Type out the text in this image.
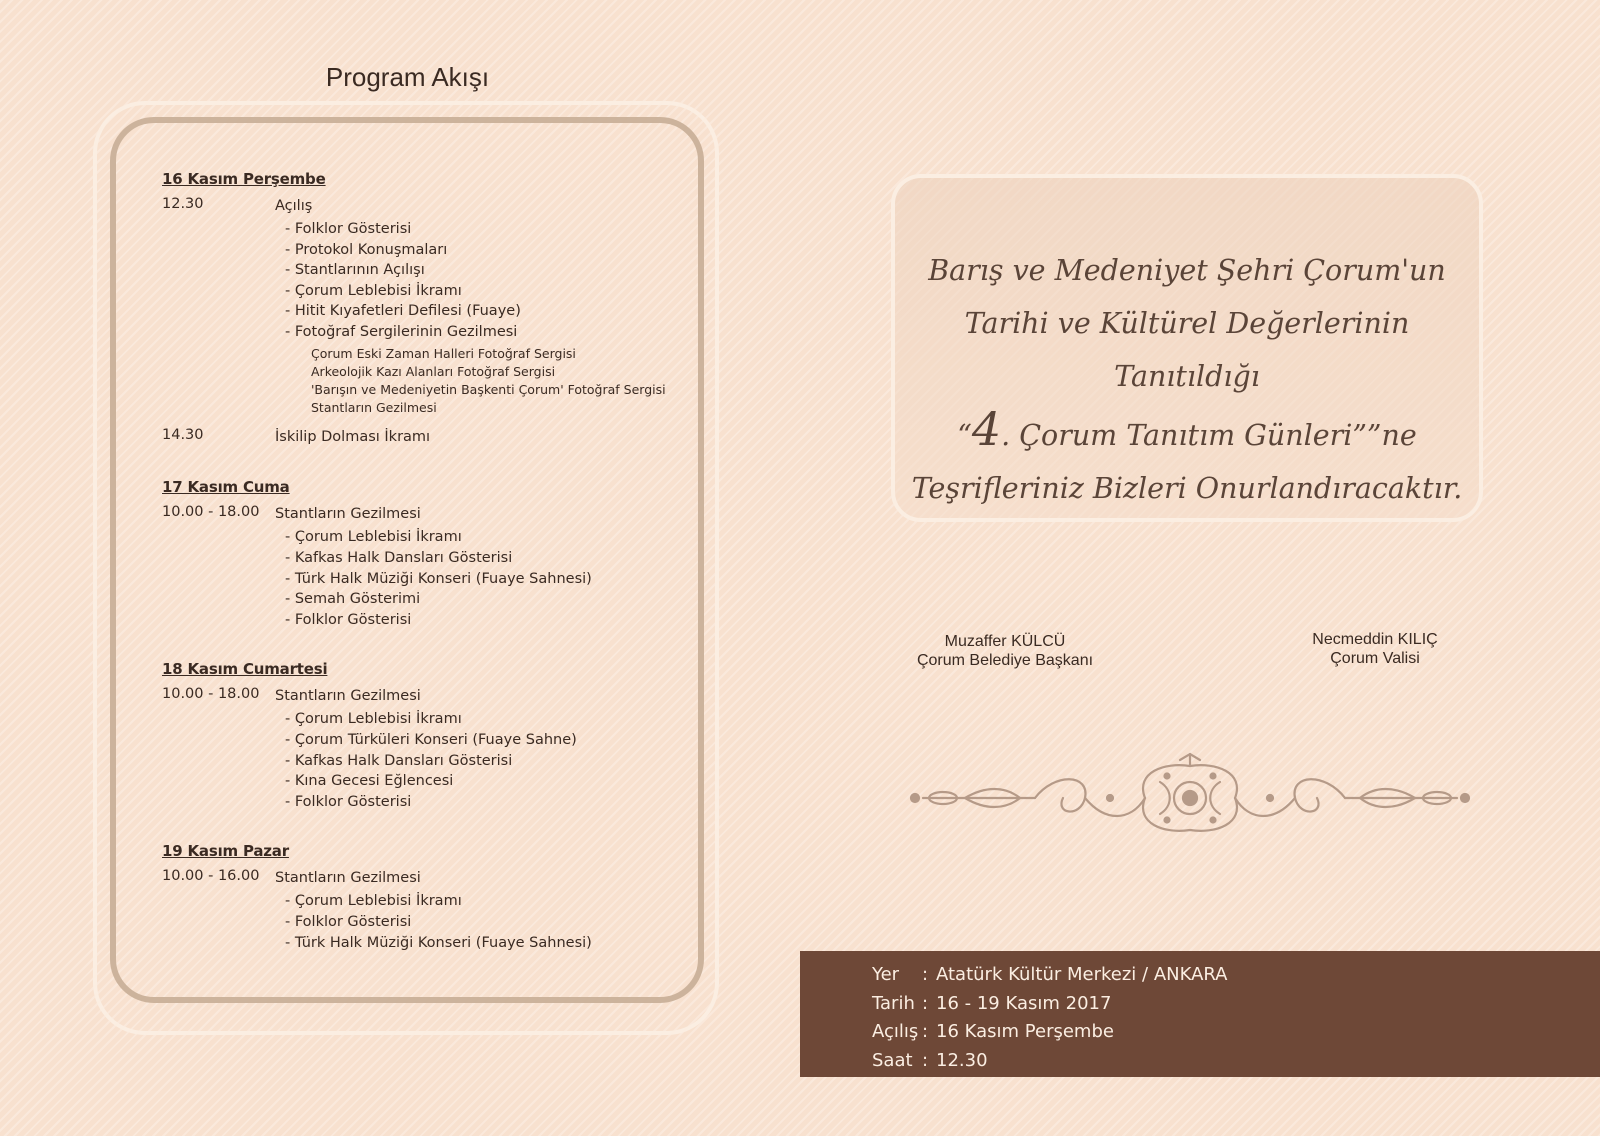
Program Akışı
16 Kasım Perşembe
12.30	Açılış
- Folklor Gösterisi
- Protokol Konuşmaları
- Stantlarının Açılışı
- Çorum Leblebisi İkramı
- Hitit Kıyafetleri Defilesi (Fuaye)
- Fotoğraf Sergilerinin Gezilmesi
Çorum Eski Zaman Halleri Fotoğraf Sergisi
Arkeolojik Kazı Alanları Fotoğraf Sergisi
'Barışın ve Medeniyetin Başkenti Çorum' Fotoğraf Sergisi
Stantların Gezilmesi
14.30	İskilip Dolması İkramı
17 Kasım Cuma
10.00 - 18.00	Stantların Gezilmesi
- Çorum Leblebisi İkramı
- Kafkas Halk Dansları Gösterisi
- Türk Halk Müziği Konseri (Fuaye Sahnesi)
- Semah Gösterimi
- Folklor Gösterisi
18 Kasım Cumartesi
10.00 - 18.00	Stantların Gezilmesi
- Çorum Leblebisi İkramı
- Çorum Türküleri Konseri (Fuaye Sahne)
- Kafkas Halk Dansları Gösterisi
- Kına Gecesi Eğlencesi
- Folklor Gösterisi
19 Kasım Pazar
10.00 - 16.00	Stantların Gezilmesi
- Çorum Leblebisi İkramı
- Folklor Gösterisi
- Türk Halk Müziği Konseri (Fuaye Sahnesi)
Barış ve Medeniyet Şehri Çorum'un
Tarihi ve Kültürel Değerlerinin Tanıtıldığı
“4. Çorum Tanıtım Günleri””ne
Teşrifleriniz Bizleri Onurlandıracaktır.
Muzaffer KÜLCÜ
Çorum Belediye Başkanı
Necmeddin KILIÇ
Çorum Valisi
Yer	: Atatürk Kültür Merkezi / ANKARA
Tarih : 16 - 19 Kasım 2017
Açılış : 16 Kasım Perşembe
Saat : 12.30
